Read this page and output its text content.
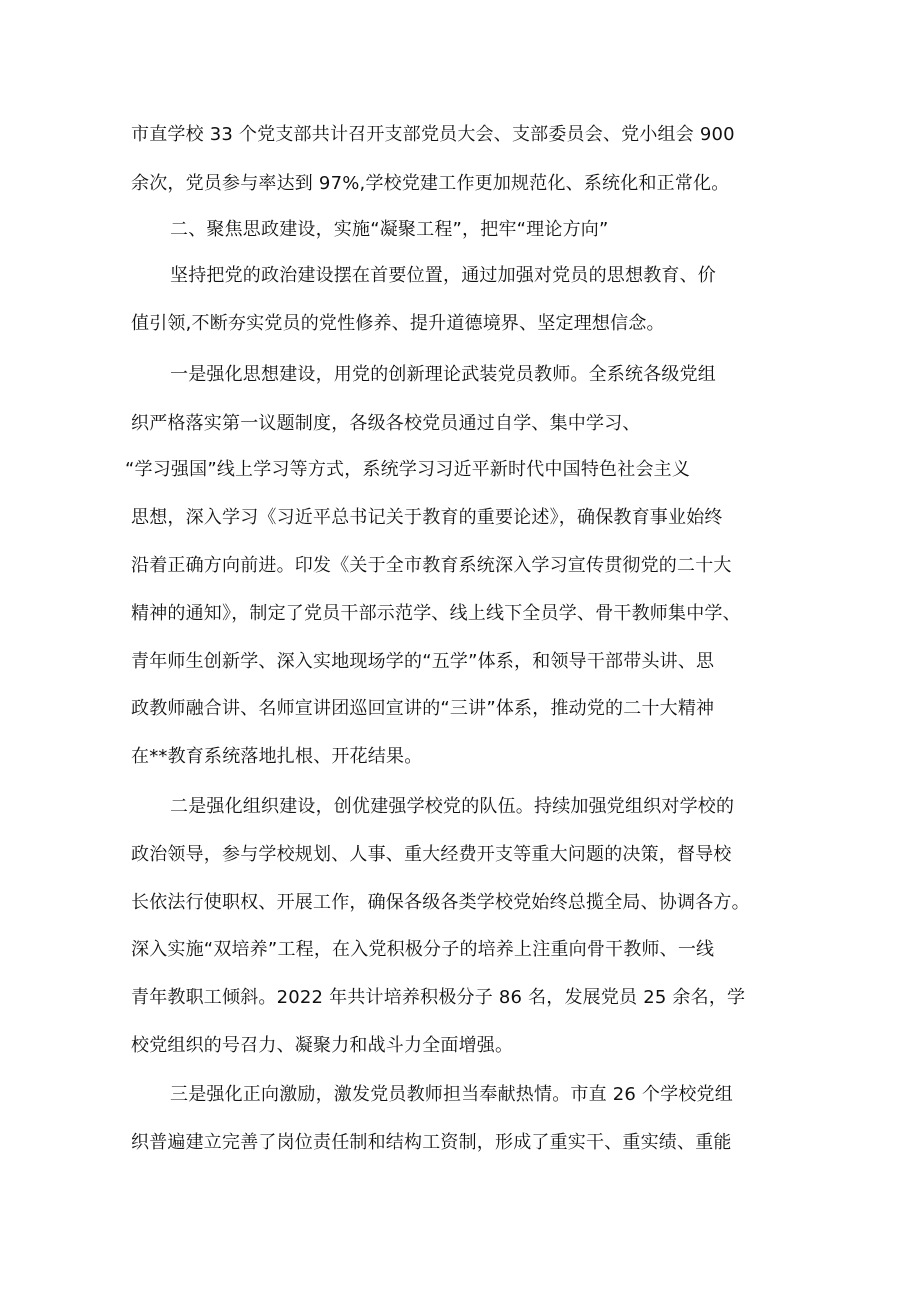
市直学校 33 个党支部共计召开支部党员大会、支部委员会、党小组会 900
余次，党员参与率达到 97%,学校党建工作更加规范化、系统化和正常化。
二、聚焦思政建设，实施“凝聚工程”，把牢“理论方向”
坚持把党的政治建设摆在首要位置，通过加强对党员的思想教育、价
值引领,不断夯实党员的党性修养、提升道德境界、坚定理想信念。
一是强化思想建设，用党的创新理论武装党员教师。全系统各级党组
织严格落实第一议题制度，各级各校党员通过自学、集中学习、
“学习强国”线上学习等方式，系统学习习近平新时代中国特色社会主义
思想，深入学习《习近平总书记关于教育的重要论述》，确保教育事业始终
沿着正确方向前进。印发《关于全市教育系统深入学习宣传贯彻党的二十大
精神的通知》，制定了党员干部示范学、线上线下全员学、骨干教师集中学、
青年师生创新学、深入实地现场学的“五学”体系，和领导干部带头讲、思
政教师融合讲、名师宣讲团巡回宣讲的“三讲”体系，推动党的二十大精神
在**教育系统落地扎根、开花结果。
二是强化组织建设，创优建强学校党的队伍。持续加强党组织对学校的
政治领导，参与学校规划、人事、重大经费开支等重大问题的决策，督导校
长依法行使职权、开展工作，确保各级各类学校党始终总揽全局、协调各方。
深入实施“双培养”工程，在入党积极分子的培养上注重向骨干教师、一线
青年教职工倾斜。2022 年共计培养积极分子 86 名，发展党员 25 余名，学
校党组织的号召力、凝聚力和战斗力全面增强。
三是强化正向激励，激发党员教师担当奉献热情。市直 26 个学校党组
织普遍建立完善了岗位责任制和结构工资制，形成了重实干、重实绩、重能
